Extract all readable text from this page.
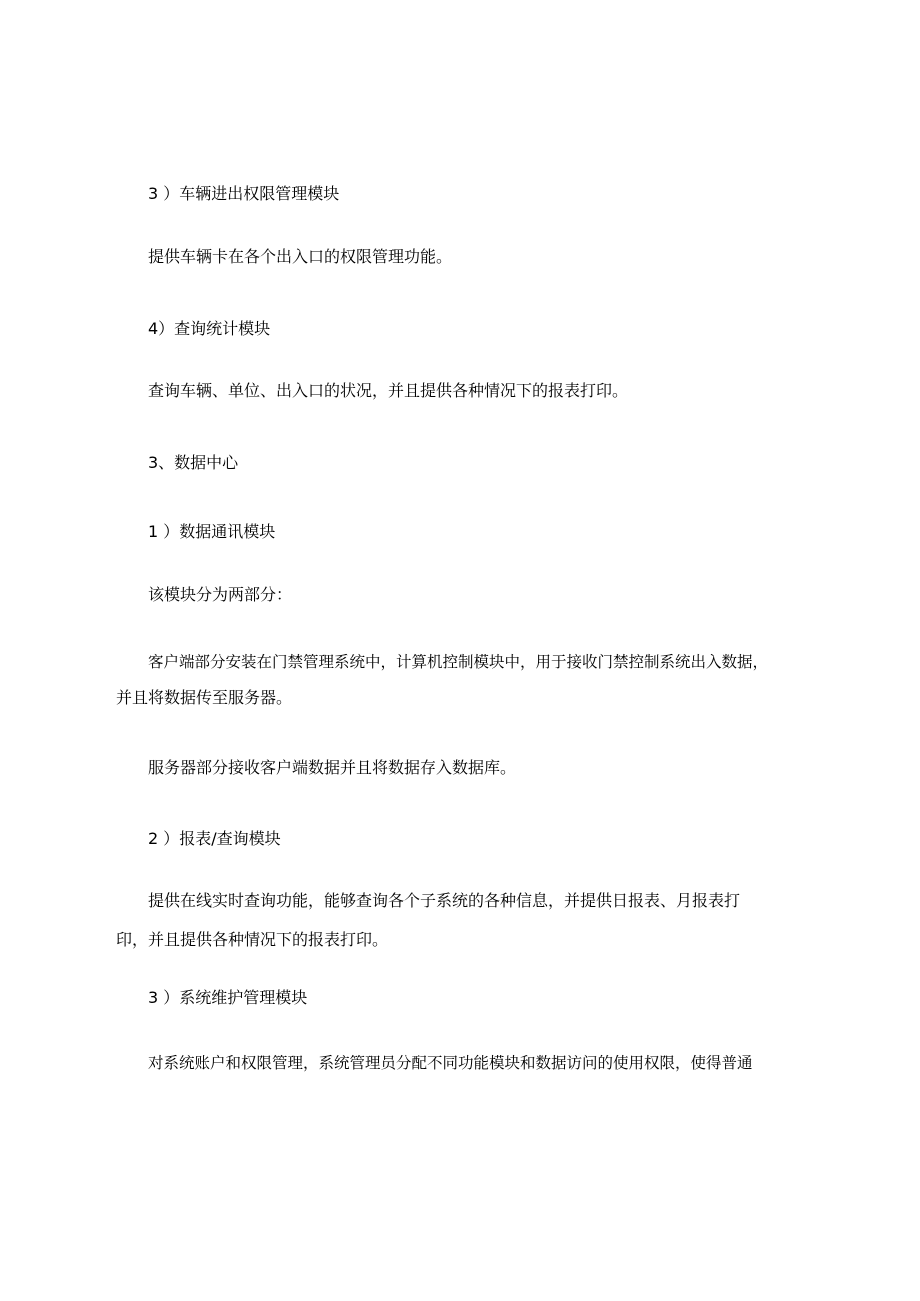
3 ）车辆进出权限管理模块
提供车辆卡在各个出入口的权限管理功能。
4）查询统计模块
查询车辆、单位、出入口的状况，并且提供各种情况下的报表打印。
3、数据中心
1 ）数据通讯模块
该模块分为两部分：
客户端部分安装在门禁管理系统中，计算机控制模块中，用于接收门禁控制系统出入数据，
并且将数据传至服务器。
服务器部分接收客户端数据并且将数据存入数据库。
2 ）报表/查询模块
提供在线实时查询功能，能够查询各个子系统的各种信息，并提供日报表、月报表打
印，并且提供各种情况下的报表打印。
3 ）系统维护管理模块
对系统账户和权限管理，系统管理员分配不同功能模块和数据访问的使用权限，使得普通
